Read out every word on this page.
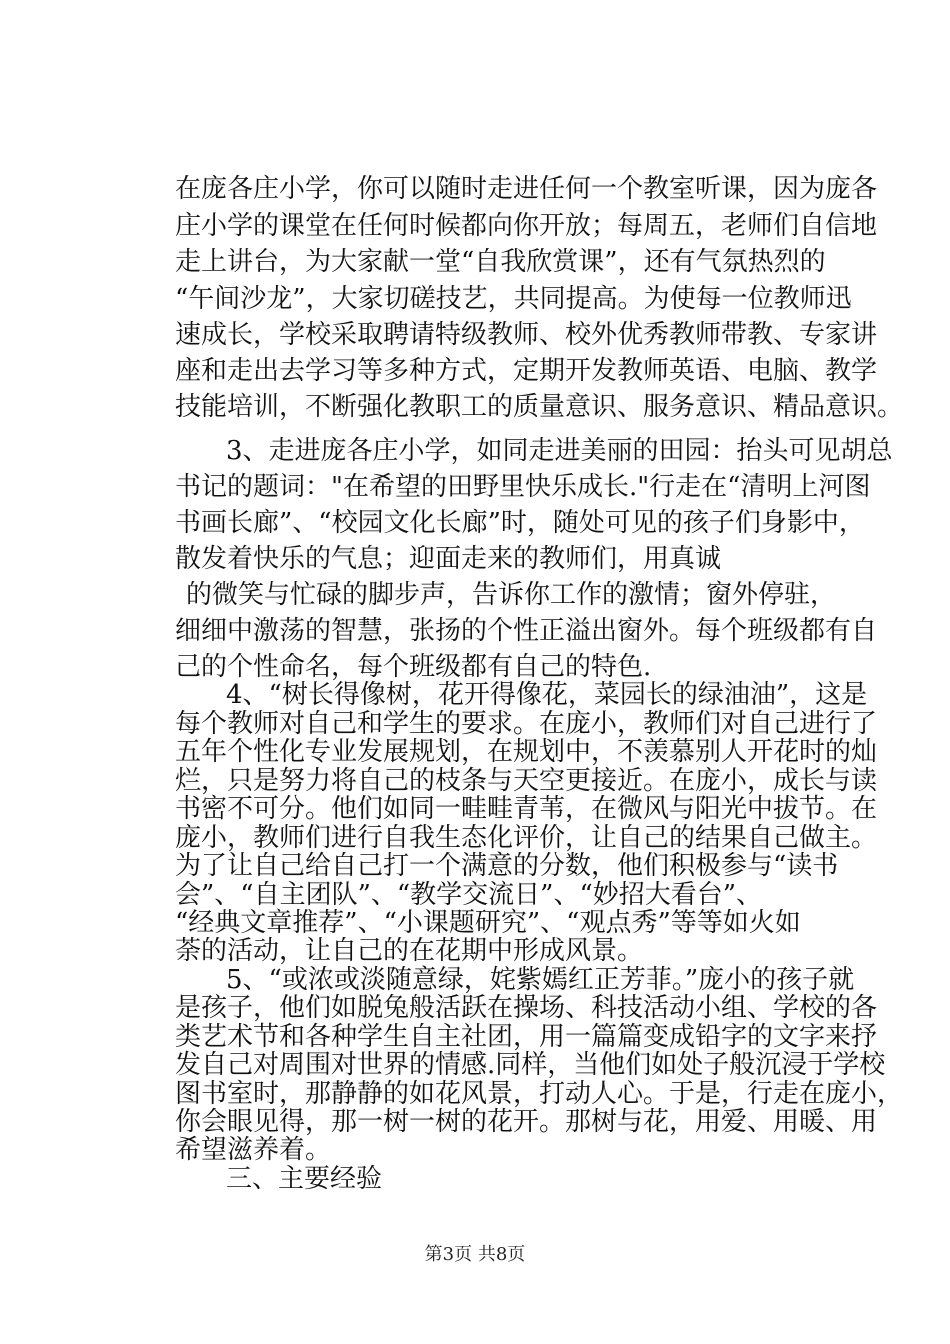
在庞各庄小学，你可以随时走进任何一个教室听课，因为庞各
庄小学的课堂在任何时候都向你开放；每周五，老师们自信地
走上讲台，为大家献一堂“自我欣赏课”，还有气氛热烈的
“午间沙龙”，大家切磋技艺，共同提高。为使每一位教师迅
速成长，学校采取聘请特级教师、校外优秀教师带教、专家讲
座和走出去学习等多种方式，定期开发教师英语、电脑、教学
技能培训，不断强化教职工的质量意识、服务意识、精品意识。
3、走进庞各庄小学，如同走进美丽的田园：抬头可见胡总
书记的题词："在希望的田野里快乐成长."行走在“清明上河图
书画长廊”、“校园文化长廊”时，随处可见的孩子们身影中，
散发着快乐的气息；迎面走来的教师们，用真诚
的微笑与忙碌的脚步声，告诉你工作的激情；窗外停驻，
细细中激荡的智慧，张扬的个性正溢出窗外。每个班级都有自
己的个性命名，每个班级都有自己的特色.
4、“树长得像树，花开得像花，菜园长的绿油油”，这是
每个教师对自己和学生的要求。在庞小，教师们对自己进行了
五年个性化专业发展规划，在规划中，不羡慕别人开花时的灿
烂，只是努力将自己的枝条与天空更接近。在庞小，成长与读
书密不可分。他们如同一畦畦青苇，在微风与阳光中拔节。在
庞小，教师们进行自我生态化评价，让自己的结果自己做主。
为了让自己给自己打一个满意的分数，他们积极参与“读书
会”、“自主团队”、“教学交流日”、“妙招大看台”、
“经典文章推荐”、“小课题研究”、“观点秀”等等如火如
荼的活动，让自己的在花期中形成风景。
5、“或浓或淡随意绿，姹紫嫣红正芳菲。”庞小的孩子就
是孩子，他们如脱兔般活跃在操场、科技活动小组、学校的各
类艺术节和各种学生自主社团，用一篇篇变成铅字的文字来抒
发自己对周围对世界的情感.同样，当他们如处子般沉浸于学校
图书室时，那静静的如花风景，打动人心。于是，行走在庞小，
你会眼见得，那一树一树的花开。那树与花，用爱、用暖、用
希望滋养着。
三、主要经验
第3页 共8页
